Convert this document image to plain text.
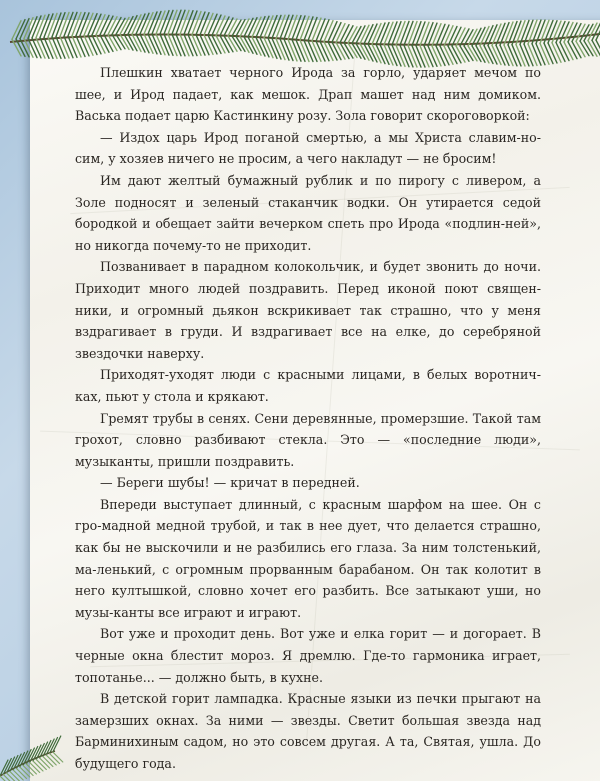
Плешкин хватает черного Ирода за горло, ударяет мечом по шее, и Ирод падает, как мешок. Драп машет над ним домиком. Васька подает царю Кастинкину розу. Зола говорит скороговоркой:

— Издох царь Ирод поганой смертью, а мы Христа славим-но-сим, у хозяев ничего не просим, а чего накладут — не бросим!

Им дают желтый бумажный рублик и по пирогу с ливером, а Золе подносят и зеленый стаканчик водки. Он утирается седой бородкой и обещает зайти вечерком спеть про Ирода «подлин-ней», но никогда почему-то не приходит.

Позванивает в парадном колокольчик, и будет звонить до ночи. Приходит много людей поздравить. Перед иконой поют священ-ники, и огромный дьякон вскрикивает так страшно, что у меня вздрагивает в груди. И вздрагивает все на елке, до серебряной звездочки наверху.

Приходят-уходят люди с красными лицами, в белых воротнич-ках, пьют у стола и крякают.

Гремят трубы в сенях. Сени деревянные, промерзшие. Такой там грохот, словно разбивают стекла. Это — «последние люди», музыканты, пришли поздравить.

— Береги шубы! — кричат в передней.

Впереди выступает длинный, с красным шарфом на шее. Он с гро-мадной медной трубой, и так в нее дует, что делается страшно, как бы не выскочили и не разбились его глаза. За ним толстенький, ма-ленький, с огромным прорванным барабаном. Он так колотит в него култышкой, словно хочет его разбить. Все затыкают уши, но музы-канты все играют и играют.

Вот уже и проходит день. Вот уже и елка горит — и догорает. В черные окна блестит мороз. Я дремлю. Где-то гармоника играет, топотанье... — должно быть, в кухне.

В детской горит лампадка. Красные языки из печки прыгают на замерзших окнах. За ними — звезды. Светит большая звезда над Барминихиным садом, но это совсем другая. А та, Святая, ушла. До будущего года.
